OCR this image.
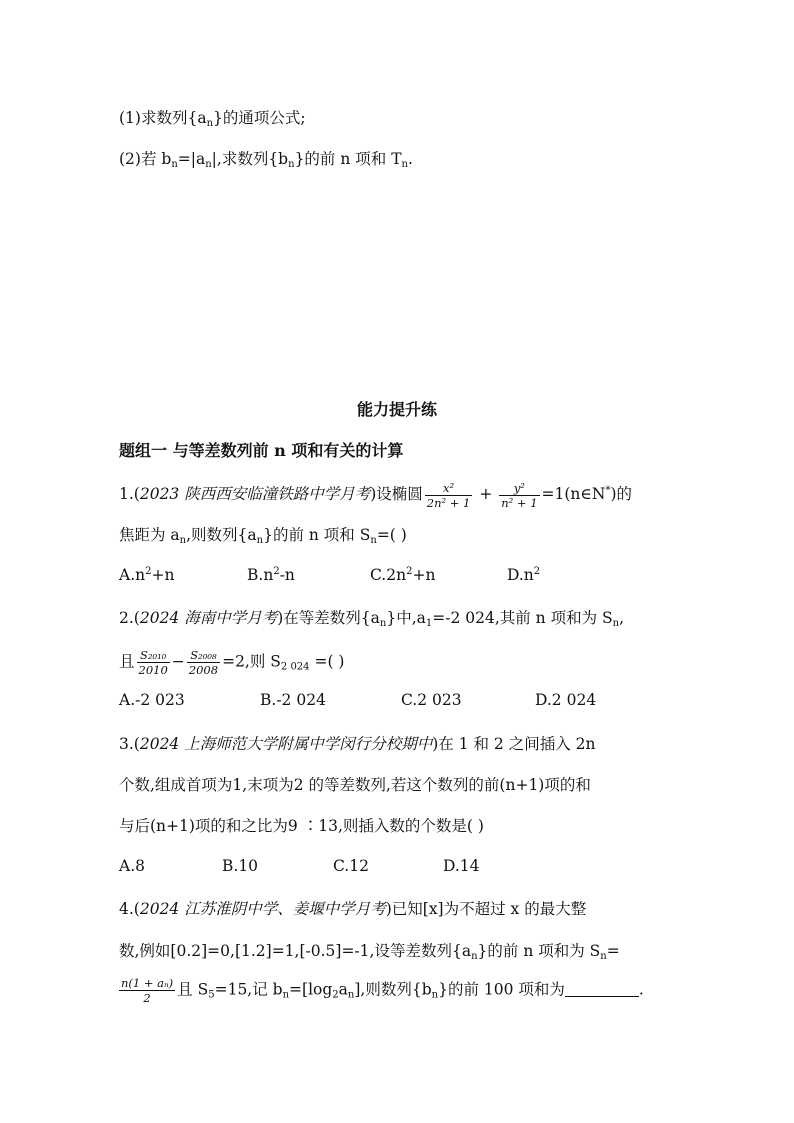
(1)求数列$\{a_n\}$的通项公式;
(2)若 $b_n=|a_n|$,求数列$\{b_n\}$的前 n 项和 $T_n$.
能力提升练
题组一 与等差数列前 n 项和有关的计算
1.(2023 陕西西安临潼铁路中学月考)设椭圆 $\frac{\text{x²}}{\text{2n² + 1}} + \frac{\text{y²}}{\text{n² + 1}}$ =1(n∈N*)的
焦距为 $a_n$,则数列$\{a_n\}$的前 n 项和 $S_n=$( )
$A.n^2+n$	$B.n^2-n$	$C.2n^2+n$	$D.n^2$
2.(2024 海南中学月考)在等差数列$\{a_n\}$中$,a_1=-2$ 024,其前 n 项和为 $S_n$,
且 $\frac{\text{S₂₀₁₀}}{2010} - \frac{\text{S₂₀₀₈}}{2008} =2$,则 $S_{2 024}$ =( )
A.-2 023	B.-2 024	C.2 023	D.2 024
3.(2024 上海师范大学附属中学闵行分校期中)在 1 和 2 之间插入 2n
个数,组成首项为1,末项为2 的等差数列,若这个数列的前(n+1)项的和
与后(n+1)项的和之比为9 ∶13,则插入数的个数是( )
A.8	B.10	C.12	D.14
4.(2024 江苏淮阴中学、姜堰中学月考)已知[x]为不超过 x 的最大整
数,例如[0.2]=0,[1.2]=1,[-0.5]=-1,设等差数列$\{a_n\}$的前 n 项和为 $S_n=$
$\frac{\text{n(1 + aₙ)}}{2}$ 且 $S_5=15$,记 $b_n=[\log_2a_n]$,则数列$\{b_n\}$的前 100 项和为	.
